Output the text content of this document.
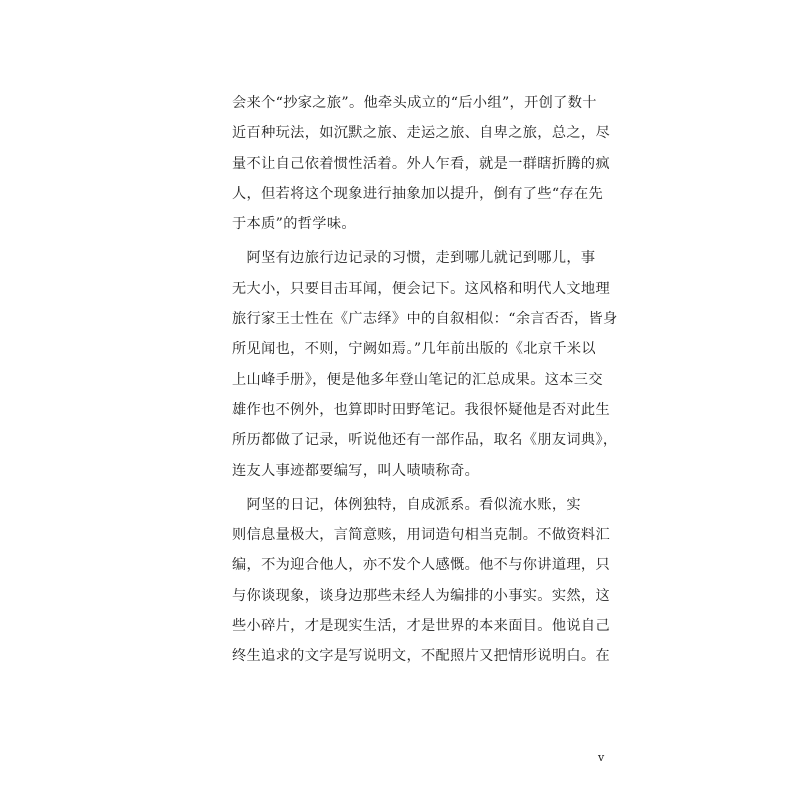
会来个“抄家之旅”。他牵头成立的“后小组”，开创了数十
近百种玩法，如沉默之旅、走运之旅、自卑之旅，总之，尽
量不让自己依着惯性活着。外人乍看，就是一群瞎折腾的疯
人，但若将这个现象进行抽象加以提升，倒有了些“存在先
于本质”的哲学味。
　阿坚有边旅行边记录的习惯，走到哪儿就记到哪儿，事
无大小，只要目击耳闻，便会记下。这风格和明代人文地理
旅行家王士性在《广志绎》中的自叙相似：“余言否否，皆身
所见闻也，不则，宁阙如焉。”几年前出版的《北京千米以
上山峰手册》，便是他多年登山笔记的汇总成果。这本三交
雄作也不例外，也算即时田野笔记。我很怀疑他是否对此生
所历都做了记录，听说他还有一部作品，取名《朋友词典》，
连友人事迹都要编写，叫人啧啧称奇。
　阿坚的日记，体例独特，自成派系。看似流水账，实
则信息量极大，言简意赅，用词造句相当克制。不做资料汇
编，不为迎合他人，亦不发个人感慨。他不与你讲道理，只
与你谈现象，谈身边那些未经人为编排的小事实。实然，这
些小碎片，才是现实生活，才是世界的本来面目。他说自己
终生追求的文字是写说明文，不配照片又把情形说明白。在
v
